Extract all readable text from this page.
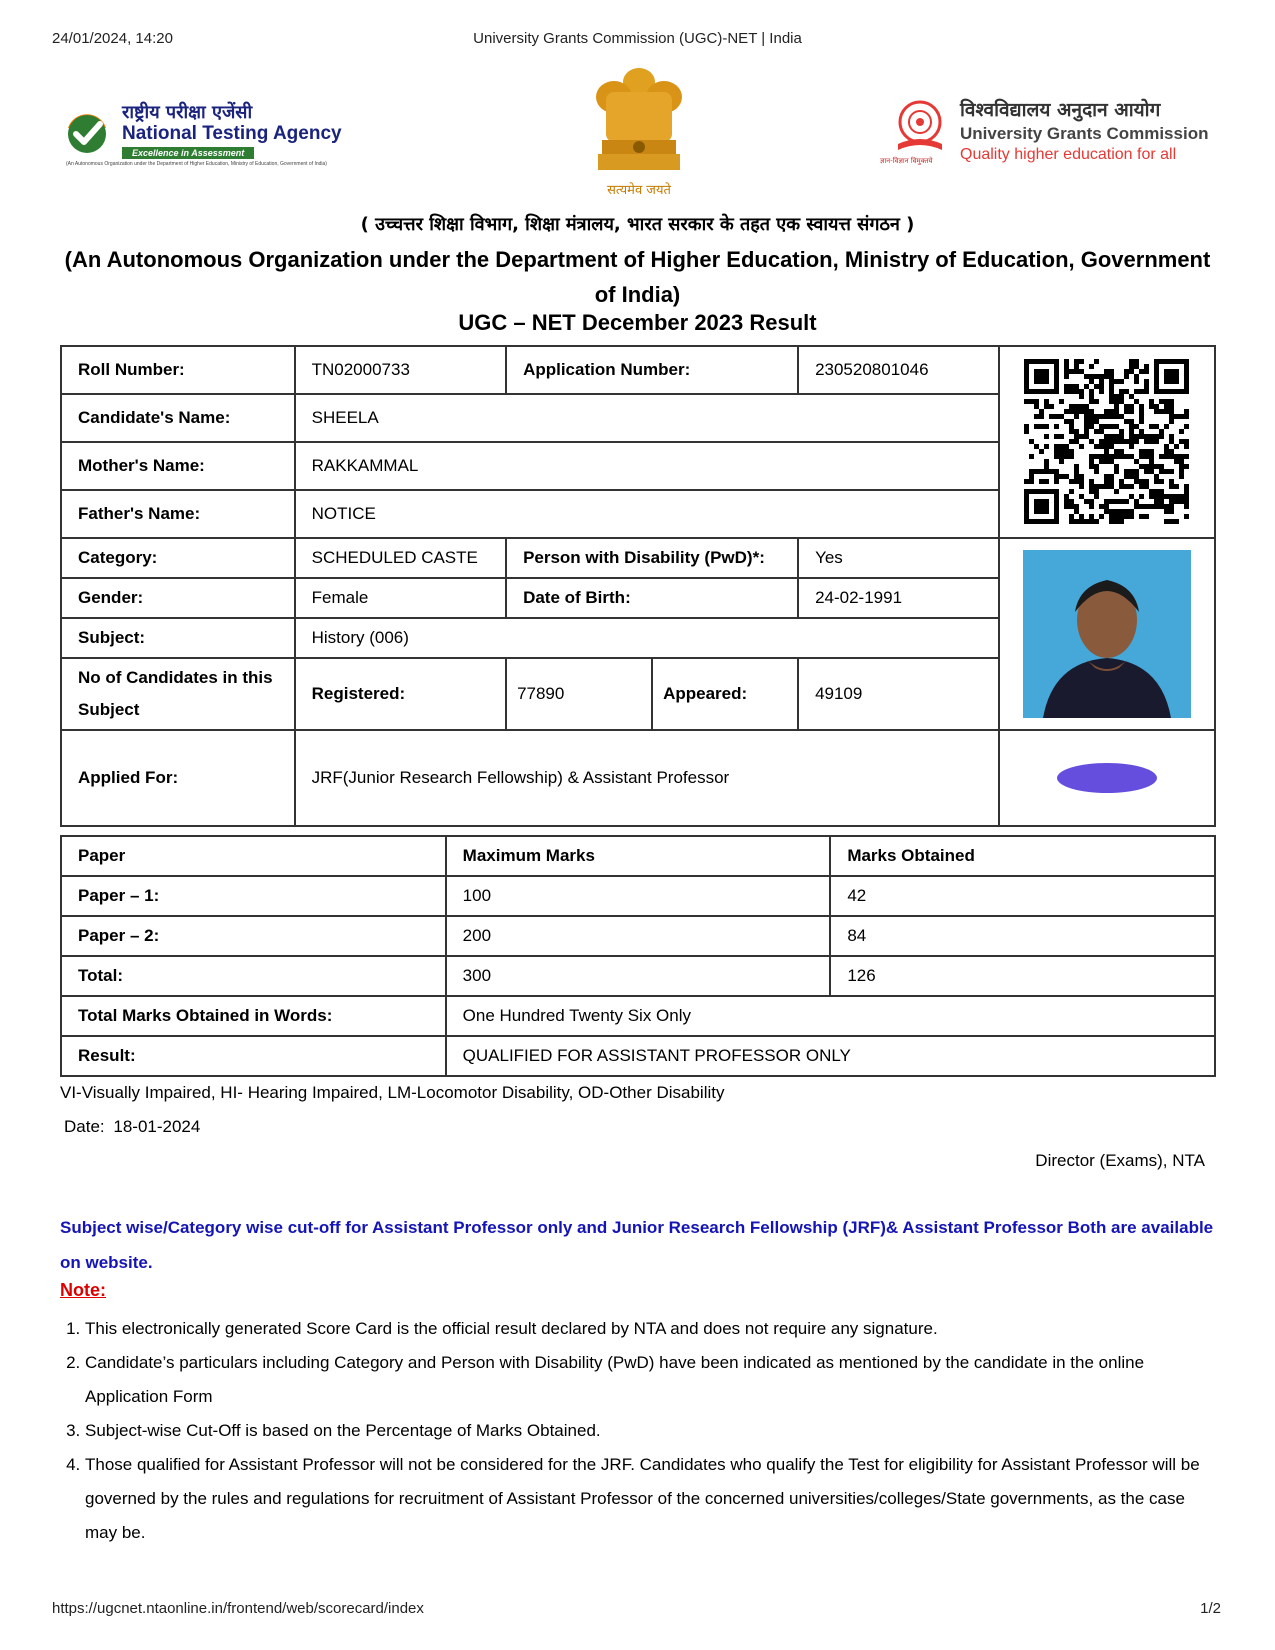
24/01/2024, 14:20	University Grants Commission (UGC)-NET | India
राष्ट्रीय परीक्षा एजेंसी
National Testing Agency
Excellence in Assessment
(An Autonomous Organization under the Department of Higher Education, Ministry of Education, Government of India)
सत्यमेव जयते
ज्ञान-विज्ञान विमुक्तये
विश्वविद्यालय अनुदान आयोग
University Grants Commission
Quality higher education for all
( उच्चत्तर शिक्षा विभाग, शिक्षा मंत्रालय, भारत सरकार के तहत एक स्वायत्त संगठन )
(An Autonomous Organization under the Department of Higher Education, Ministry of Education, Government of India)
UGC – NET December 2023 Result
Roll Number:	TN02000733	Application Number:		230520801046	

Candidate's Name:	SHEELA				
Mother's Name:	RAKKAMMAL				
Father's Name:	NOTICE				
Category:	SCHEDULED CASTE	Person with Disability (PwD)*:		Yes	

Gender:	Female	Date of Birth:		24-02-1991	
Subject:	History (006)				
No of Candidates in this Subject	Registered:	77890	Appeared:	49109	
Applied For:	JRF(Junior Research Fellowship) & Assistant Professor	
Paper	Maximum Marks	Marks Obtained
Paper – 1:	100	42
Paper – 2:	200	84
Total:	300	126
Total Marks Obtained in Words:	One Hundred Twenty Six Only	
Result:	QUALIFIED FOR ASSISTANT PROFESSOR ONLY	
VI-Visually Impaired, HI- Hearing Impaired, LM-Locomotor Disability, OD-Other Disability
Date: 18-01-2024
Director (Exams), NTA
Subject wise/Category wise cut-off for Assistant Professor only and Junior Research Fellowship (JRF)& Assistant Professor Both are available on website.
Note:
1. This electronically generated Score Card is the official result declared by NTA and does not require any signature.
2. Candidate’s particulars including Category and Person with Disability (PwD) have been indicated as mentioned by the candidate in the online Application Form
3. Subject-wise Cut-Off is based on the Percentage of Marks Obtained.
4. Those qualified for Assistant Professor will not be considered for the JRF. Candidates who qualify the Test for eligibility for Assistant Professor will be governed by the rules and regulations for recruitment of Assistant Professor of the concerned universities/colleges/State governments, as the case may be.
https://ugcnet.ntaonline.in/frontend/web/scorecard/index	1/2
